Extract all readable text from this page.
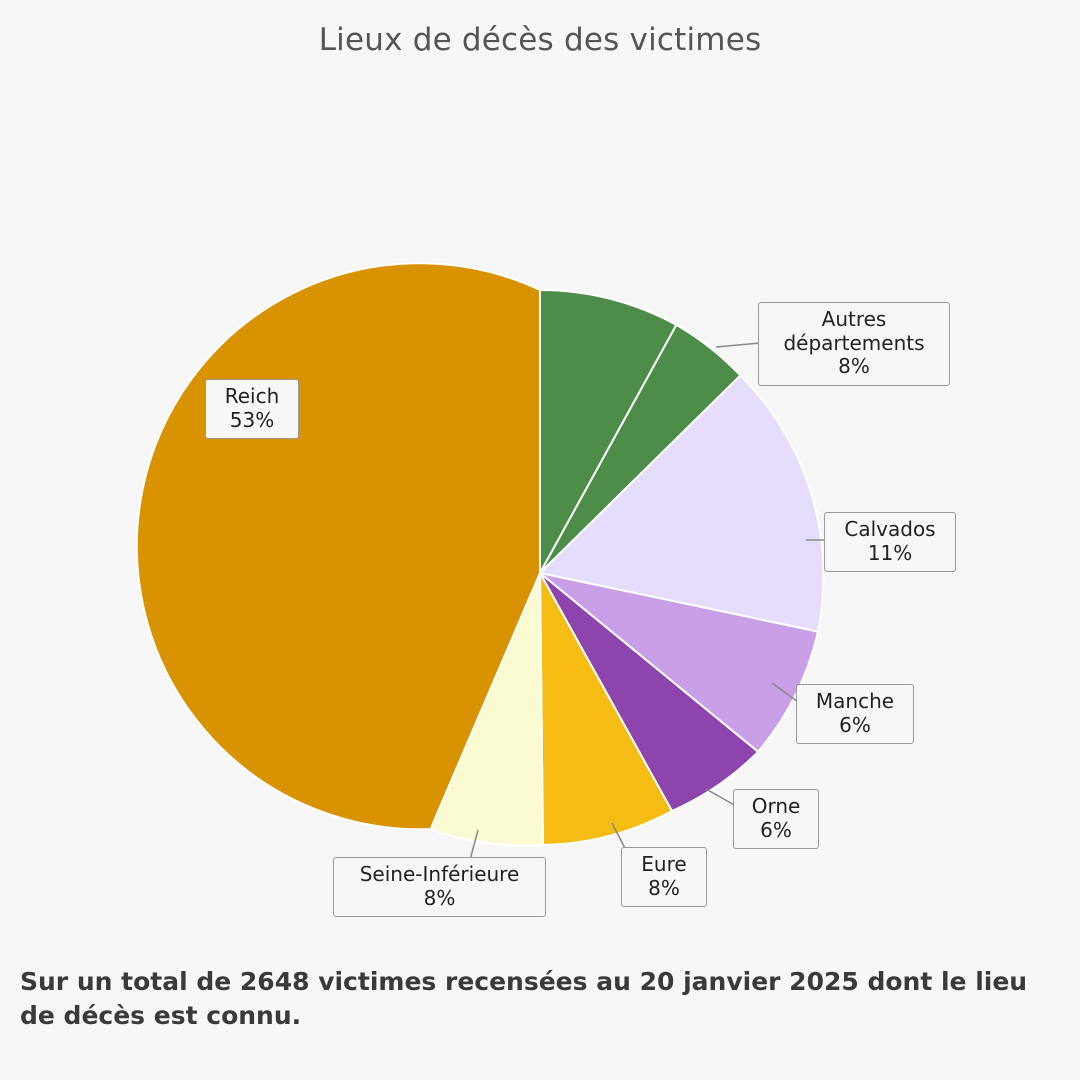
Lieux de décès des victimes
Autres
départements
8%
Calvados
11%
Manche
6%
Orne
6%
Eure
8%
Seine-Inférieure
8%
Reich
53%
Sur un total de 2648 victimes recensées au 20 janvier 2025 dont le lieu de décès est connu.
